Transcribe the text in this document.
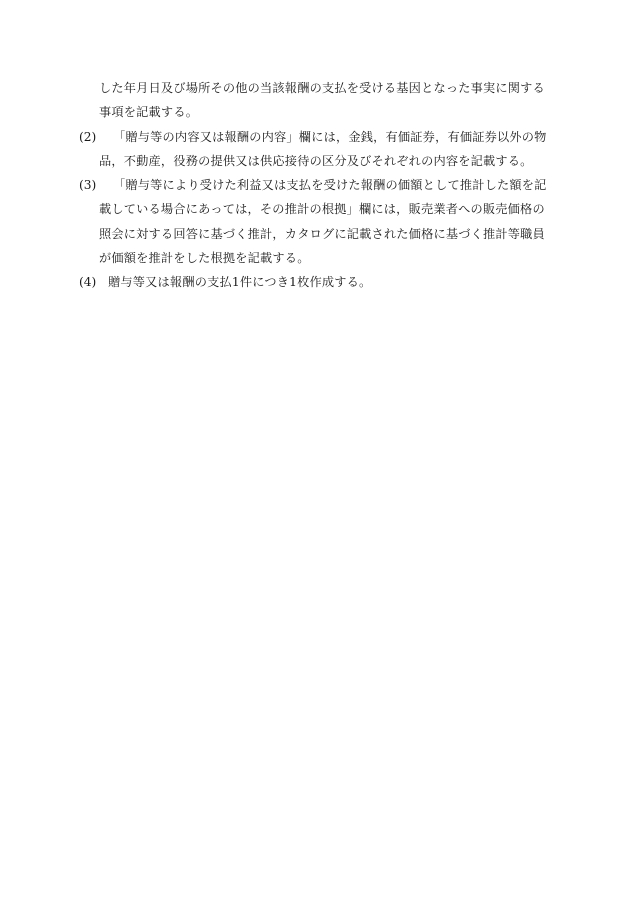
した年月日及び場所その他の当該報酬の支払を受ける基因となった事実に関する事項を記載する。
(2)	「贈与等の内容又は報酬の内容」欄には，金銭，有価証券，有価証券以外の物品，不動産，役務の提供又は供応接待の区分及びそれぞれの内容を記載する。
(3)	「贈与等により受けた利益又は支払を受けた報酬の価額として推計した額を記載している場合にあっては，その推計の根拠」欄には，販売業者への販売価格の照会に対する回答に基づく推計，カタログに記載された価格に基づく推計等職員が価額を推計をした根拠を記載する。
(4) 贈与等又は報酬の支払1件につき1枚作成する。
